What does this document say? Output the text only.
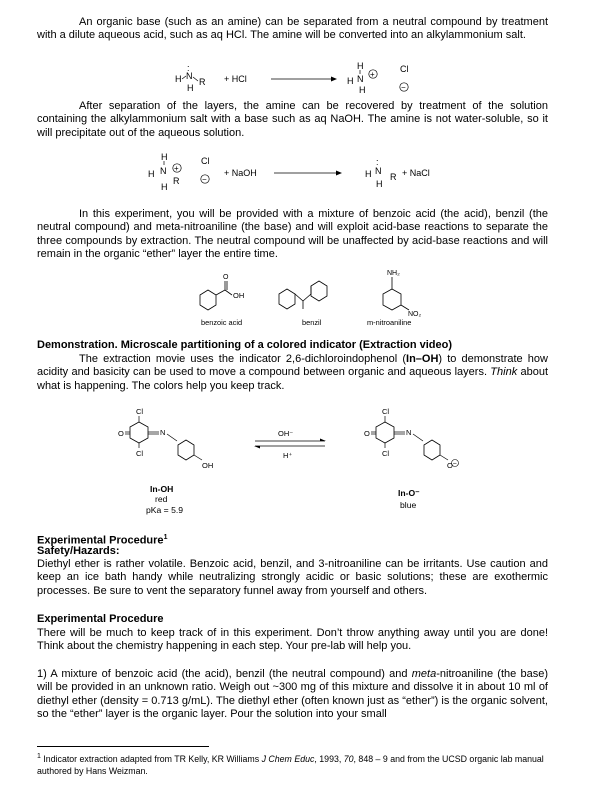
An organic base (such as an amine) can be separated from a neutral compound by treatment with a dilute aqueous acid, such as aq HCl. The amine will be converted into an alkylammonium salt.
H N
:
R
H
+ HCl
H
H N +
H
Cl
−
After separation of the layers, the amine can be recovered by treatment of the solution containing the alkylammonium salt with a base such as aq NaOH. The amine is not water-soluble, so it will precipitate out of the aqueous solution.
H
H N +
R
H
Cl
−
+ NaOH	H N
:
R
H
+ NaCl
In this experiment, you will be provided with a mixture of benzoic acid (the acid), benzil (the neutral compound) and meta-nitroaniline (the base) and will exploit acid-base reactions to separate the three compounds by extraction. The neutral compound will be unaffected by acid-base reactions and will remain in the organic “ether” layer the entire time.
O
OH
NH₂
NO₂
benzoic acid	benzil	m-nitroaniline
Demonstration. Microscale partitioning of a colored indicator (Extraction video)
The extraction movie uses the indicator 2,6-dichloroindophenol (In–OH) to demonstrate how acidity and basicity can be used to move a compound between organic and aqueous layers. Think about what is happening. The colors help you keep track.
Cl
O
Cl
N
OH
OH⁻
H⁺
Cl
O
Cl
N
O −
In-OH
red
pKa = 5.9
In-O⁻
blue
Experimental Procedure$^1$
Safety/Hazards:
Diethyl ether is rather volatile. Benzoic acid, benzil, and 3-nitroaniline can be irritants. Use caution and keep an ice bath handy while neutralizing strongly acidic or basic solutions; these are exothermic processes. Be sure to vent the separatory funnel away from yourself and others.
Experimental Procedure
There will be much to keep track of in this experiment. Don’t throw anything away until you are done! Think about the chemistry happening in each step. Your pre-lab will help you.
1) A mixture of benzoic acid (the acid), benzil (the neutral compound) and meta-nitroaniline (the base) will be provided in an unknown ratio. Weigh out ~300 mg of this mixture and dissolve it in about 10 ml of diethyl ether (density = 0.713 g/mL). The diethyl ether (often known just as “ether”) is the organic solvent, so the “ether” layer is the organic layer. Pour the solution into your small
$^1$ Indicator extraction adapted from TR Kelly, KR Williams J Chem Educ, 1993, 70, 848 – 9 and from the UCSD organic lab manual authored by Hans Weizman.
